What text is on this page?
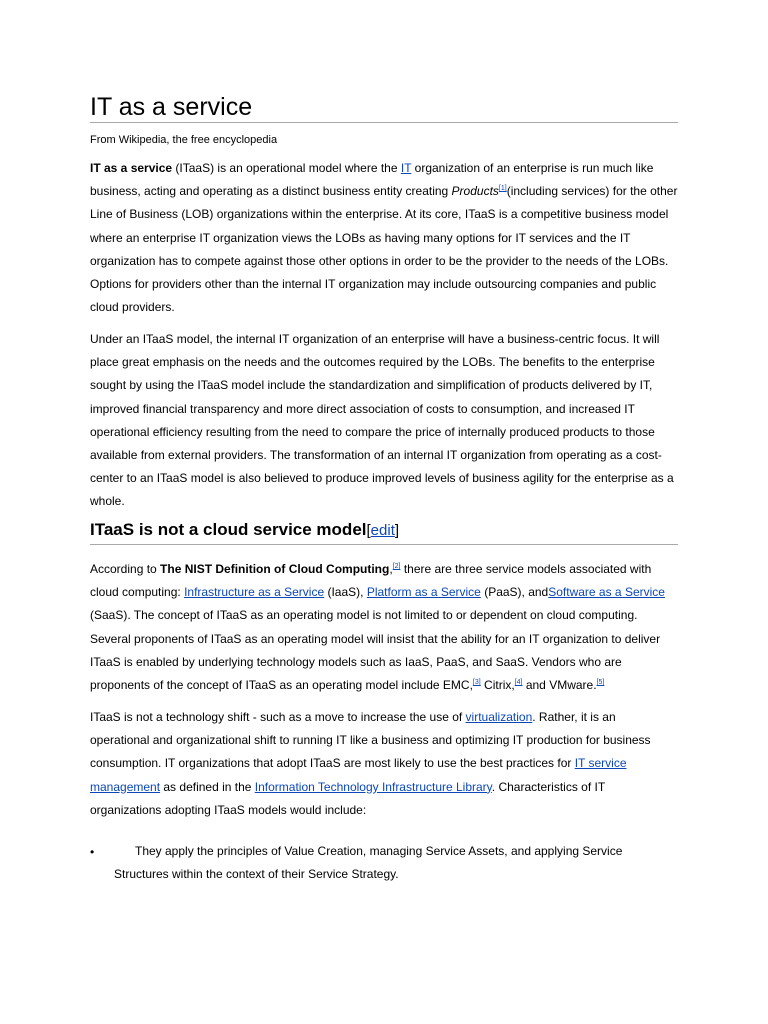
IT as a service
From Wikipedia, the free encyclopedia

IT as a service (ITaaS) is an operational model where the IT organization of an enterprise is run much like business, acting and operating as a distinct business entity creating Products[1](including services) for the other Line of Business (LOB) organizations within the enterprise. At its core, ITaaS is a competitive business model where an enterprise IT organization views the LOBs as having many options for IT services and the IT organization has to compete against those other options in order to be the provider to the needs of the LOBs. Options for providers other than the internal IT organization may include outsourcing companies and public cloud providers.

Under an ITaaS model, the internal IT organization of an enterprise will have a business-centric focus. It will place great emphasis on the needs and the outcomes required by the LOBs. The benefits to the enterprise sought by using the ITaaS model include the standardization and simplification of products delivered by IT, improved financial transparency and more direct association of costs to consumption, and increased IT operational efficiency resulting from the need to compare the price of internally produced products to those available from external providers. The transformation of an internal IT organization from operating as a cost-center to an ITaaS model is also believed to produce improved levels of business agility for the enterprise as a whole.

ITaaS is not a cloud service model[edit]

According to The NIST Definition of Cloud Computing,[2] there are three service models associated with cloud computing: Infrastructure as a Service (IaaS), Platform as a Service (PaaS), andSoftware as a Service (SaaS). The concept of ITaaS as an operating model is not limited to or dependent on cloud computing. Several proponents of ITaaS as an operating model will insist that the ability for an IT organization to deliver ITaaS is enabled by underlying technology models such as IaaS, PaaS, and SaaS. Vendors who are proponents of the concept of ITaaS as an operating model include EMC,[3] Citrix,[4] and VMware.[5]

ITaaS is not a technology shift - such as a move to increase the use of virtualization. Rather, it is an operational and organizational shift to running IT like a business and optimizing IT production for business consumption. IT organizations that adopt ITaaS are most likely to use the best practices for IT service management as defined in the Information Technology Infrastructure Library. Characteristics of IT organizations adopting ITaaS models would include:

•	They apply the principles of Value Creation, managing Service Assets, and applying Service Structures within the context of their Service Strategy.
